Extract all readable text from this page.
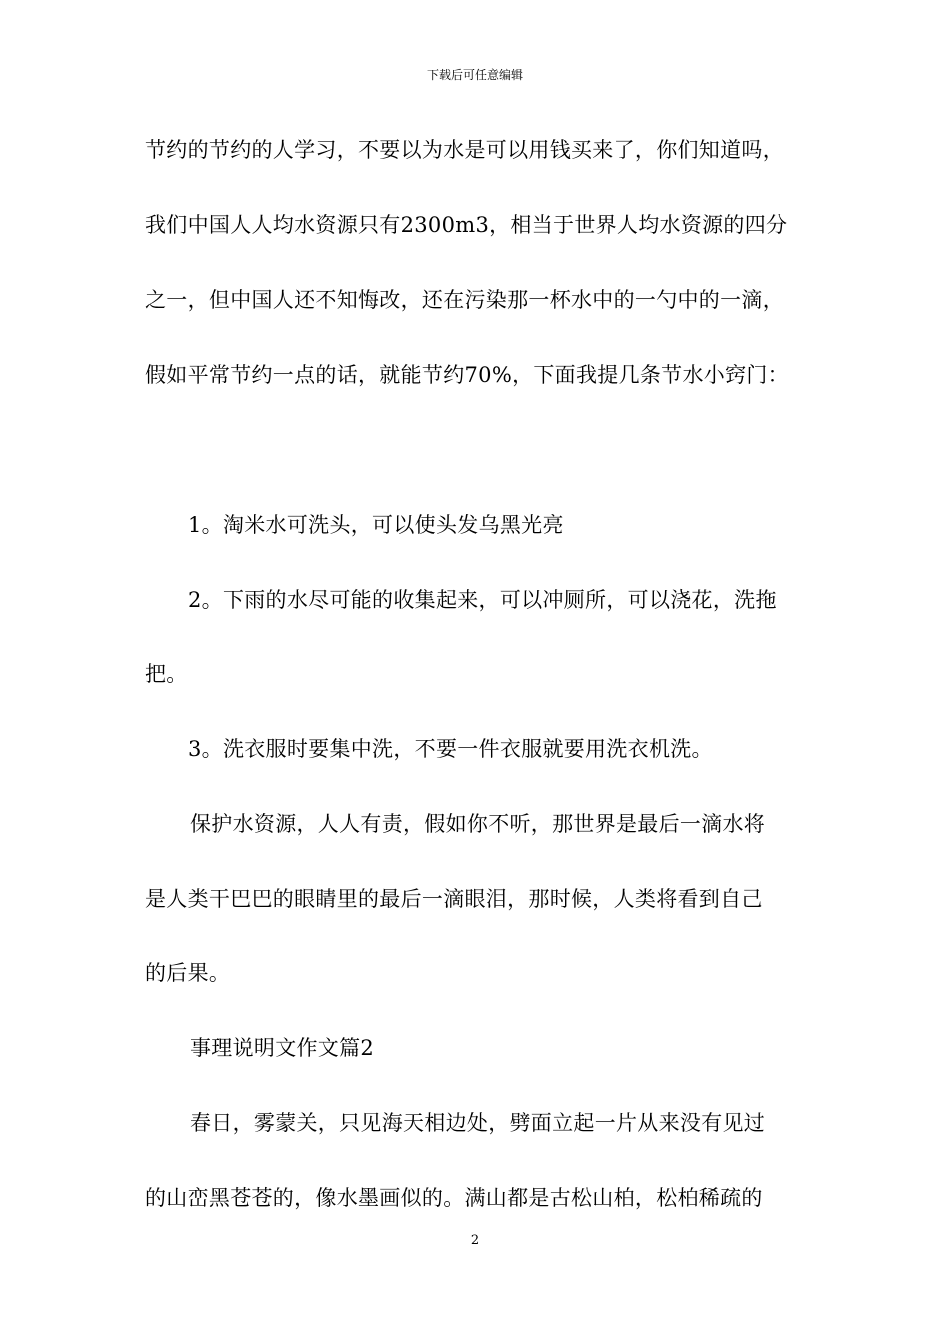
下载后可任意编辑
节约的节约的人学习，不要以为水是可以用钱买来了，你们知道吗，
我们中国人人均水资源只有2300m3，相当于世界人均水资源的四分
之一，但中国人还不知悔改，还在污染那一杯水中的一勺中的一滴，
假如平常节约一点的话，就能节约70%，下面我提几条节水小窍门：
1。淘米水可洗头，可以使头发乌黑光亮
2。下雨的水尽可能的收集起来，可以冲厕所，可以浇花，洗拖
把。
3。洗衣服时要集中洗，不要一件衣服就要用洗衣机洗。
保护水资源，人人有责，假如你不听，那世界是最后一滴水将
是人类干巴巴的眼睛里的最后一滴眼泪，那时候，人类将看到自己
的后果。
事理说明文作文篇2
春日，雾蒙关，只见海天相边处，劈面立起一片从来没有见过
的山峦黑苍苍的，像水墨画似的。满山都是古松山柏，松柏稀疏的
2
